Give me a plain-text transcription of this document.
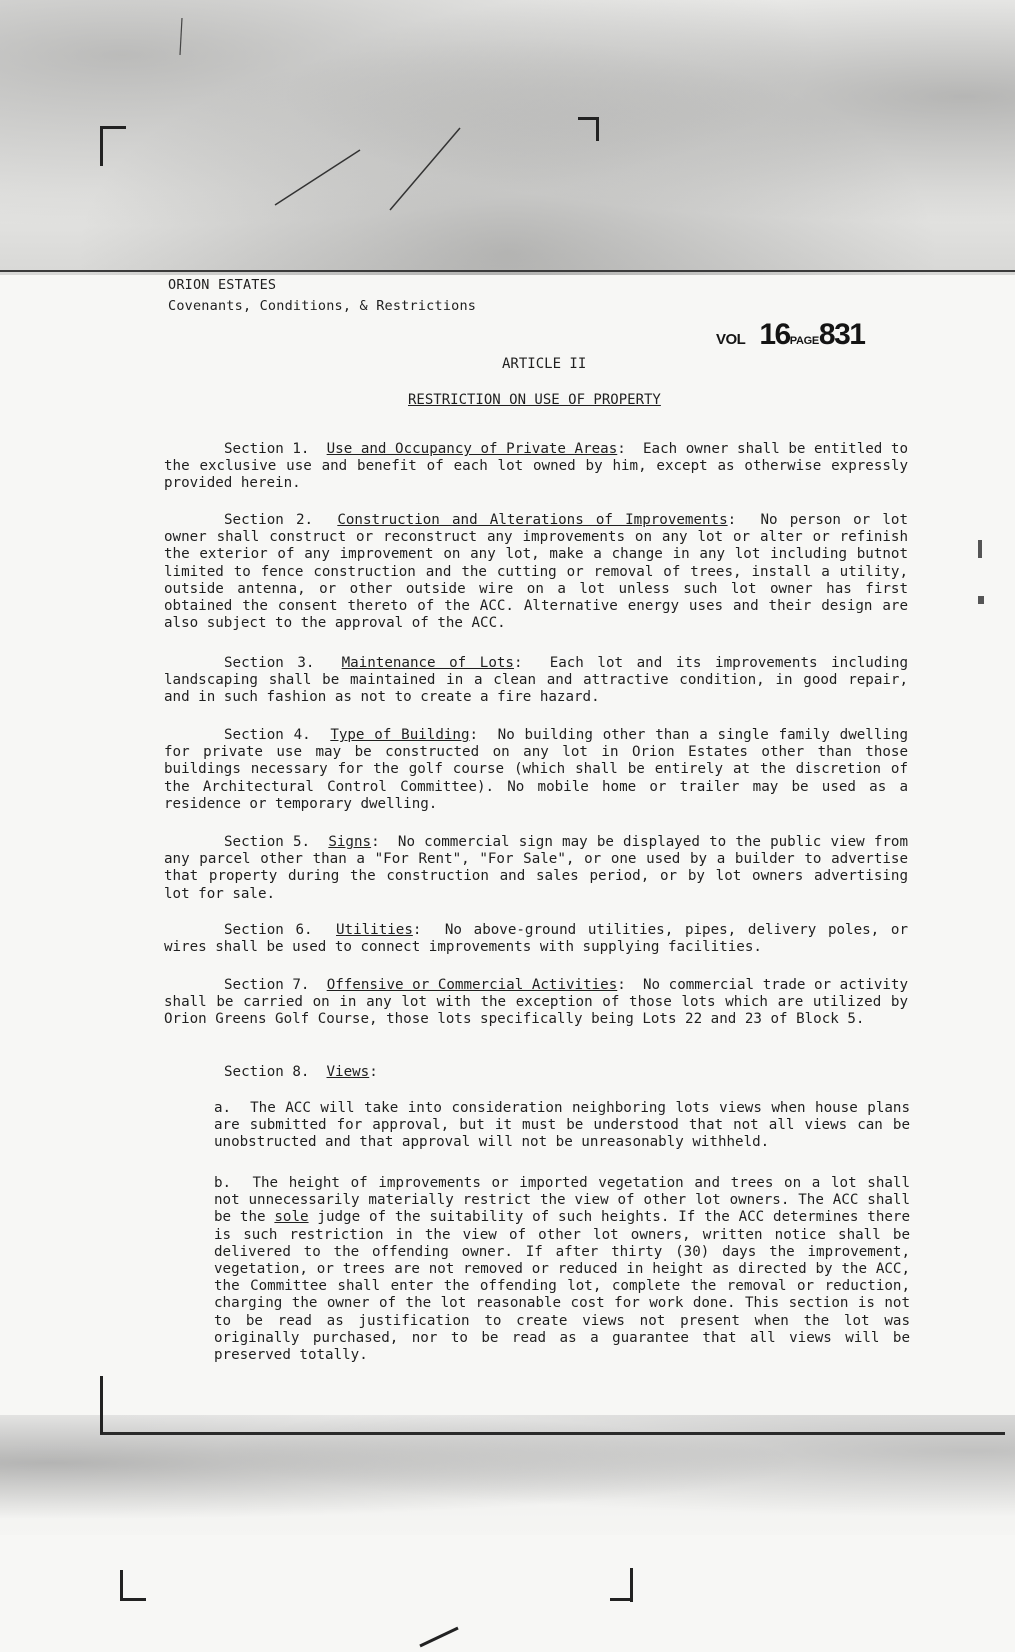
ORION ESTATES
Covenants, Conditions, & Restrictions
VOL 16PAGE831
ARTICLE II
RESTRICTION ON USE OF PROPERTY
Section 1. Use and Occupancy of Private Areas:  Each owner shall be entitled to the exclusive use and benefit of each lot owned by him, except as otherwise expressly provided herein.
Section 2. Construction and Alterations of Improvements:  No person or lot owner shall construct or reconstruct any improvements on any lot or alter or refinish the exterior of any improvement on any lot, make a change in any lot including butnot limited to fence construction and the cutting or removal of trees, install a utility, outside antenna, or other outside wire on a lot unless such lot owner has first obtained the consent thereto of the ACC. Alternative energy uses and their design are also subject to the approval of the ACC.
Section 3. Maintenance of Lots:  Each lot and its improvements including landscaping shall be maintained in a clean and attractive condition, in good repair, and in such fashion as not to create a fire hazard.
Section 4. Type of Building:  No building other than a single family dwelling for private use may be constructed on any lot in Orion Estates other than those buildings necessary for the golf course (which shall be entirely at the discretion of the Architectural Control Committee). No mobile home or trailer may be used as a residence or temporary dwelling.
Section 5. Signs:  No commercial sign may be displayed to the public view from any parcel other than a "For Rent", "For Sale", or one used by a builder to advertise that property during the construction and sales period, or by lot owners advertising lot for sale.
Section 6. Utilities:  No above-ground utilities, pipes, delivery poles, or wires shall be used to connect improvements with supplying facilities.
Section 7. Offensive or Commercial Activities:  No commercial trade or activity shall be carried on in any lot with the exception of those lots which are utilized by Orion Greens Golf Course, those lots specifically being Lots 22 and 23 of Block 5.
Section 8. Views:
a. The ACC will take into consideration neighboring lots views when house plans are submitted for approval, but it must be understood that not all views can be unobstructed and that approval will not be unreasonably withheld.
b. The height of improvements or imported vegetation and trees on a lot shall not unnecessarily materially restrict the view of other lot owners. The ACC shall be the sole judge of the suitability of such heights. If the ACC determines there is such restriction in the view of other lot owners, written notice shall be delivered to the offending owner. If after thirty (30) days the improvement, vegetation, or trees are not removed or reduced in height as directed by the ACC, the Committee shall enter the offending lot, complete the removal or reduction, charging the owner of the lot reasonable cost for work done. This section is not to be read as justification to create views not present when the lot was originally purchased, nor to be read as a guarantee that all views will be preserved totally.
